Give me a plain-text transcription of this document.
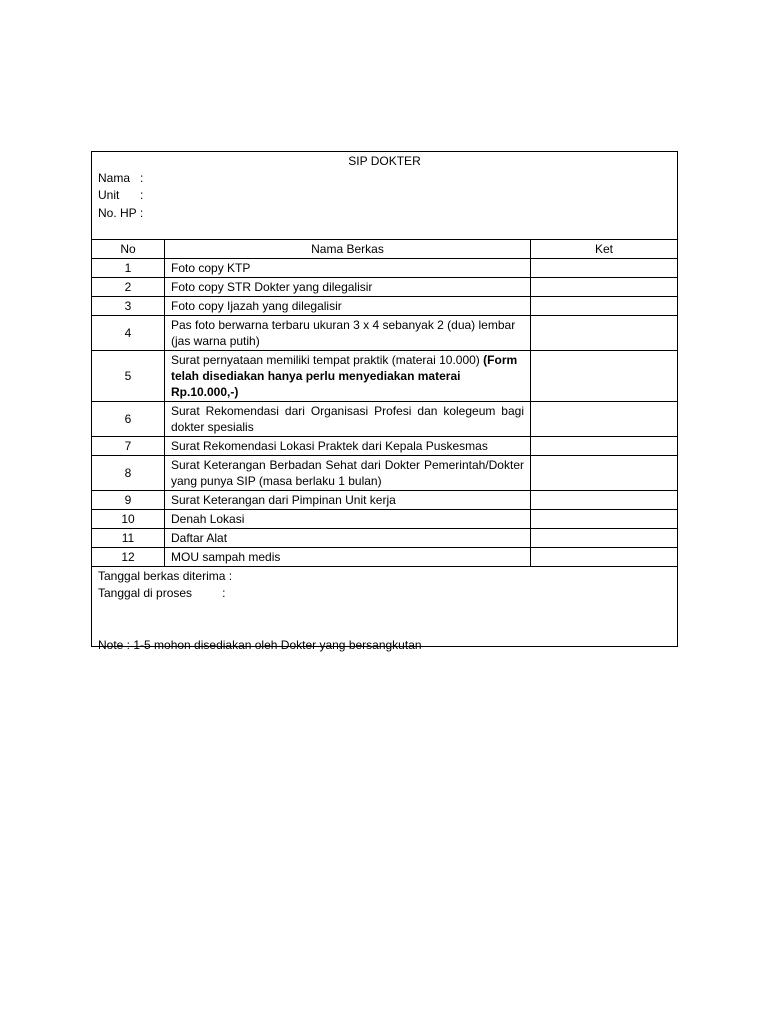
SIP DOKTER
Nama :
Unit :
No. HP :
No	Nama Berkas	Ket
1	Foto copy KTP	
2	Foto copy STR Dokter yang dilegalisir	
3	Foto copy Ijazah yang dilegalisir	
4	Pas foto berwarna terbaru ukuran 3 x 4 sebanyak 2 (dua) lembar (jas warna putih)	
5	Surat pernyataan memiliki tempat praktik (materai 10.000) (Form telah disediakan hanya perlu menyediakan materai Rp.10.000,-)	
6	Surat Rekomendasi dari Organisasi Profesi dan kolegeum bagi dokter spesialis	
7	Surat Rekomendasi Lokasi Praktek dari Kepala Puskesmas	
8	Surat Keterangan Berbadan Sehat dari Dokter Pemerintah/Dokter yang punya SIP (masa berlaku 1 bulan)	
9	Surat Keterangan dari Pimpinan Unit kerja	
10	Denah Lokasi	
11	Daftar Alat	
12	MOU sampah medis	
Tanggal berkas diterima :
Tanggal di proses	:
Note : 1-5 mohon disediakan oleh Dokter yang bersangkutan
